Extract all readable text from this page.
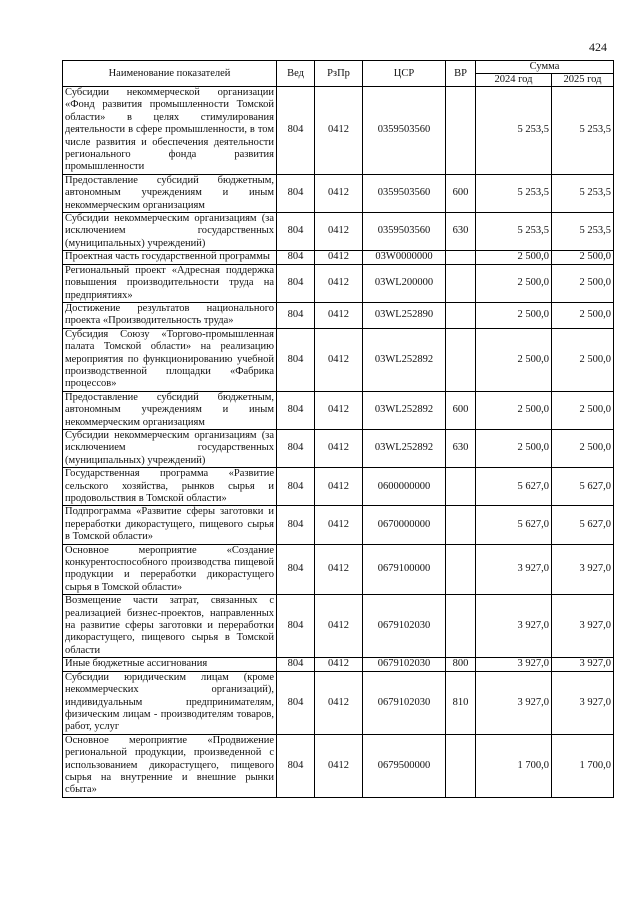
424
Наименование показателей	Вед	РзПр	ЦСР	ВР	Сумма	
					2024 год	2025 год
Субсидии некоммерческой организации «Фонд развития промышленности Томской области» в целях стимулирования деятельности в сфере промышленности, в том числе развития и обеспечения деятельности регионального фонда развития промышленности	804	0412	0359503560		5 253,5	5 253,5
Предоставление субсидий бюджетным, автономным учреждениям и иным некоммерческим организациям	804	0412	0359503560	600	5 253,5	5 253,5
Субсидии некоммерческим организациям (за исключением государственных (муниципальных) учреждений)	804	0412	0359503560	630	5 253,5	5 253,5
Проектная часть государственной программы	804	0412	03W0000000		2 500,0	2 500,0
Региональный проект «Адресная поддержка повышения производительности труда на предприятиях»	804	0412	03WL200000		2 500,0	2 500,0
Достижение результатов национального проекта «Производительность труда»	804	0412	03WL252890		2 500,0	2 500,0
Субсидия Союзу «Торгово-промышленная палата Томской области» на реализацию мероприятия по функционированию учебной производственной площадки «Фабрика процессов»	804	0412	03WL252892		2 500,0	2 500,0
Предоставление субсидий бюджетным, автономным учреждениям и иным некоммерческим организациям	804	0412	03WL252892	600	2 500,0	2 500,0
Субсидии некоммерческим организациям (за исключением государственных (муниципальных) учреждений)	804	0412	03WL252892	630	2 500,0	2 500,0
Государственная программа «Развитие сельского хозяйства, рынков сырья и продовольствия в Томской области»	804	0412	0600000000		5 627,0	5 627,0
Подпрограмма «Развитие сферы заготовки и переработки дикорастущего, пищевого сырья в Томской области»	804	0412	0670000000		5 627,0	5 627,0
Основное мероприятие «Создание конкурентоспособного производства пищевой продукции и переработки дикорастущего сырья в Томской области»	804	0412	0679100000		3 927,0	3 927,0
Возмещение части затрат, связанных с реализацией бизнес-проектов, направленных на развитие сферы заготовки и переработки дикорастущего, пищевого сырья в Томской области	804	0412	0679102030		3 927,0	3 927,0
Иные бюджетные ассигнования	804	0412	0679102030	800	3 927,0	3 927,0
Субсидии юридическим лицам (кроме некоммерческих организаций), индивидуальным предпринимателям, физическим лицам - производителям товаров, работ, услуг	804	0412	0679102030	810	3 927,0	3 927,0
Основное мероприятие «Продвижение региональной продукции, произведенной с использованием дикорастущего, пищевого сырья на внутренние и внешние рынки сбыта»	804	0412	0679500000		1 700,0	1 700,0
